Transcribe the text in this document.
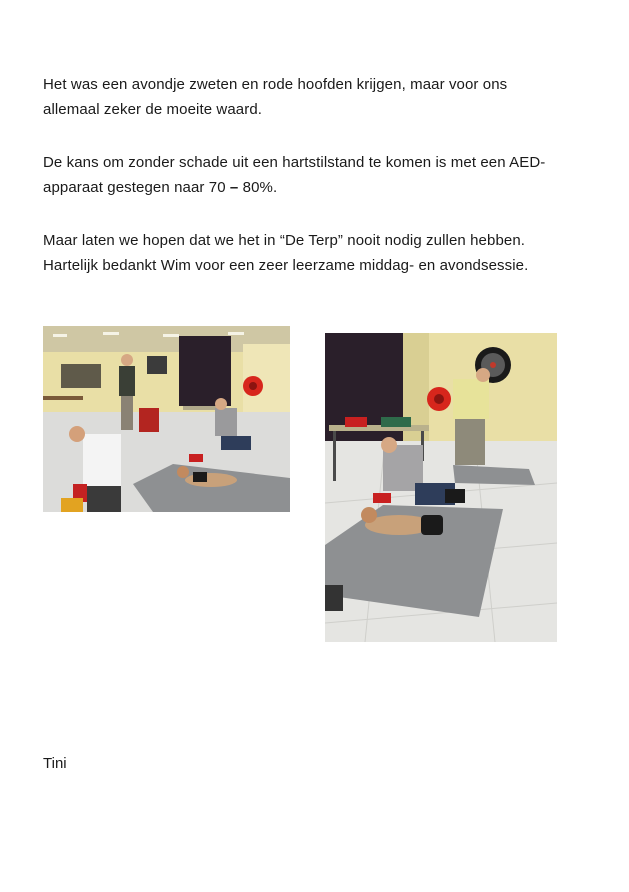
Het was een avondje zweten en rode hoofden krijgen, maar voor ons
allemaal zeker de moeite waard.

De kans om zonder schade uit een hartstilstand te komen is met een AED-
apparaat gestegen naar 70 – 80%.

Maar laten we hopen dat we het in “De Terp” nooit nodig zullen hebben.
Hartelijk bedankt Wim voor een zeer leerzame middag- en avondsessie.

Tini
